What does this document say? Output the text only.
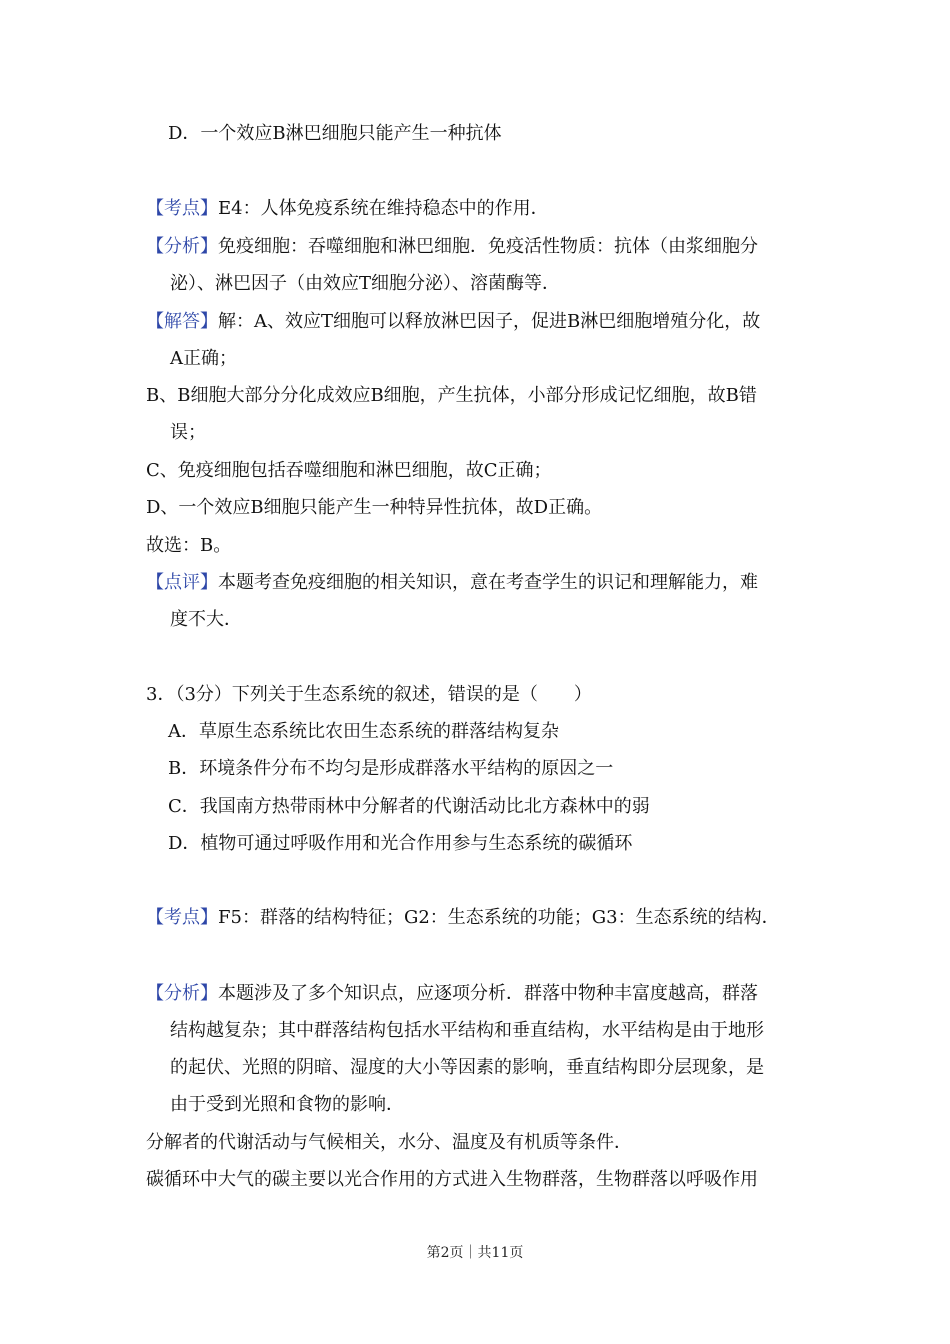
D．一个效应B淋巴细胞只能产生一种抗体
【考点】E4：人体免疫系统在维持稳态中的作用．
【分析】免疫细胞：吞噬细胞和淋巴细胞．免疫活性物质：抗体（由浆细胞分
泌）、淋巴因子（由效应T细胞分泌）、溶菌酶等．
【解答】解：A、效应T细胞可以释放淋巴因子，促进B淋巴细胞增殖分化，故
A正确；
B、B细胞大部分分化成效应B细胞，产生抗体，小部分形成记忆细胞，故B错
误；
C、免疫细胞包括吞噬细胞和淋巴细胞，故C正确；
D、一个效应B细胞只能产生一种特异性抗体，故D正确。
故选：B。
【点评】本题考查免疫细胞的相关知识，意在考查学生的识记和理解能力，难
度不大．
3．（3分）下列关于生态系统的叙述，错误的是（　　）
A．草原生态系统比农田生态系统的群落结构复杂
B．环境条件分布不均匀是形成群落水平结构的原因之一
C．我国南方热带雨林中分解者的代谢活动比北方森林中的弱
D．植物可通过呼吸作用和光合作用参与生态系统的碳循环
【考点】F5：群落的结构特征；G2：生态系统的功能；G3：生态系统的结构．
【分析】本题涉及了多个知识点，应逐项分析．群落中物种丰富度越高，群落
结构越复杂；其中群落结构包括水平结构和垂直结构，水平结构是由于地形
的起伏、光照的阴暗、湿度的大小等因素的影响，垂直结构即分层现象，是
由于受到光照和食物的影响．
分解者的代谢活动与气候相关，水分、温度及有机质等条件．
碳循环中大气的碳主要以光合作用的方式进入生物群落，生物群落以呼吸作用
第2页｜共11页
